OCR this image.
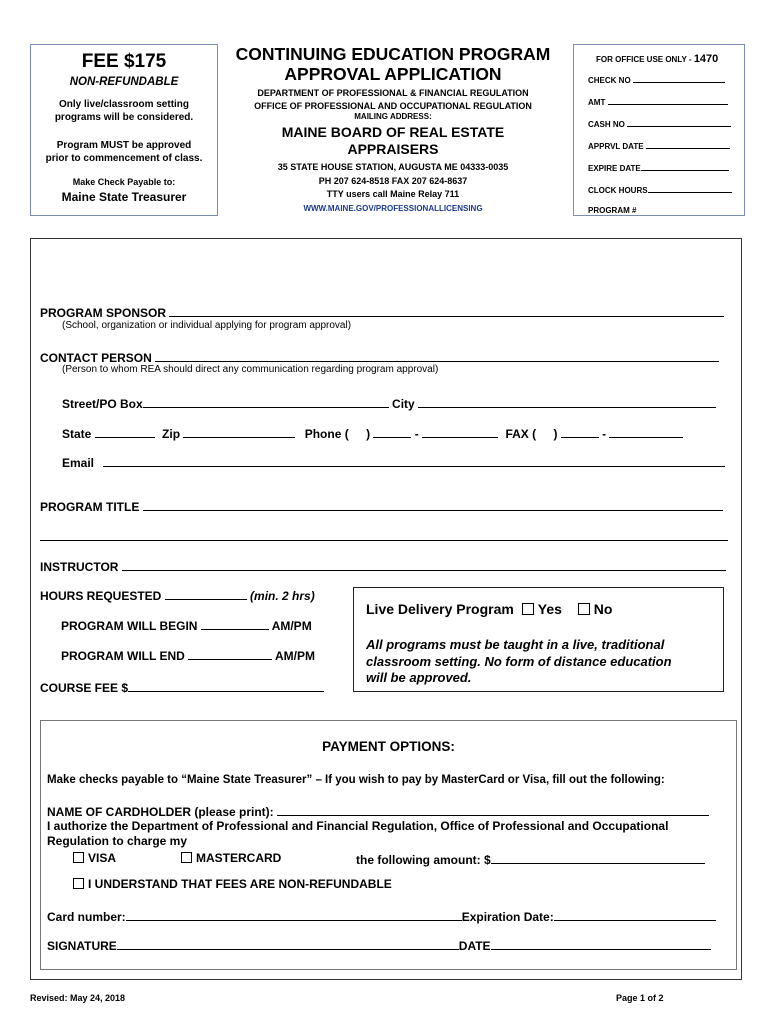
FEE $175
NON-REFUNDABLE
Only live/classroom setting
programs will be considered.
Program MUST be approved
prior to commencement of class.
Make Check Payable to:
Maine State Treasurer
CONTINUING EDUCATION PROGRAM
APPROVAL APPLICATION
DEPARTMENT OF PROFESSIONAL & FINANCIAL REGULATION
OFFICE OF PROFESSIONAL AND OCCUPATIONAL REGULATION
MAILING ADDRESS:
MAINE BOARD OF REAL ESTATE
APPRAISERS
35 STATE HOUSE STATION, AUGUSTA ME 04333-0035
PH 207 624-8518 FAX 207 624-8637
TTY users call Maine Relay 711
WWW.MAINE.GOV/PROFESSIONALLICENSING
FOR OFFICE USE ONLY - 1470
CHECK NO
AMT
CASH NO
APPRVL DATE
EXPIRE DATE
CLOCK HOURS
PROGRAM #
PROGRAM SPONSOR
(School, organization or individual applying for program approval)
CONTACT PERSON
(Person to whom REA should direct any communication regarding program approval)
Street/PO Box	City
State	Zip	Phone ( )	-	FAX ( )	-
Email
PROGRAM TITLE
INSTRUCTOR
HOURS REQUESTED	(min. 2 hrs)
PROGRAM WILL BEGIN	AM/PM
PROGRAM WILL END	AM/PM
COURSE FEE $
Live Delivery Program Yes No
All programs must be taught in a live, traditional
classroom setting. No form of distance education
will be approved.
PAYMENT OPTIONS:
Make checks payable to “Maine State Treasurer” – If you wish to pay by MasterCard or Visa, fill out the following:
NAME OF CARDHOLDER (please print):
I authorize the Department of Professional and Financial Regulation, Office of Professional and Occupational
Regulation to charge my
VISA	MASTERCARD	the following amount: $
I UNDERSTAND THAT FEES ARE NON-REFUNDABLE
Card number:	Expiration Date:
SIGNATURE	DATE
Revised: May 24, 2018	Page 1 of 2
